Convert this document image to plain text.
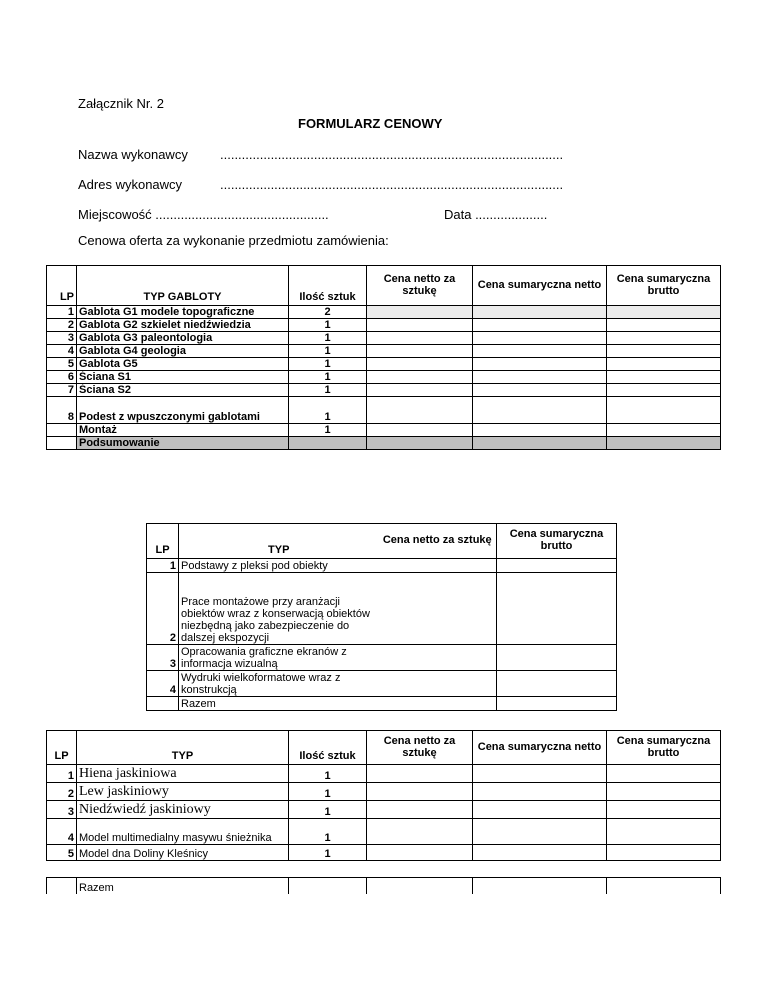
Załącznik Nr. 2
FORMULARZ CENOWY
Nazwa wykonawcy ...............................................................................................
Adres wykonawcy	...............................................................................................
Miejscowość ................................................	Data ....................
Cenowa oferta za wykonanie przedmiotu zamówienia:
LP	TYP GABLOTY	Ilość sztuk	Cena netto za sztukę	Cena sumaryczna netto	Cena sumaryczna brutto
1	Gablota G1 modele topograficzne	2			
2	Gablota G2 szkielet niedźwiedzia	1			
3	Gablota G3 paleontologia	1			
4	Gablota G4 geologia	1			
5	Gablota G5	1			
6	Ściana S1	1			
7	Ściana S2	1			
8	Podest z wpuszczonymi gablotami	1			
	Montaż	1			
	Podsumowanie				
LP	TYP	Cena netto za sztukę	Cena sumaryczna brutto
1	Podstawy z pleksi pod obiekty		
2	Prace montażowe przy aranżacji obiektów wraz z konserwacją obiektów niezbędną jako zabezpieczenie do dalszej ekspozycji		
3	Opracowania graficzne ekranów z informacja wizualną		
4	Wydruki wielkoformatowe wraz z konstrukcją		
	Razem		
LP	TYP	Ilość sztuk	Cena netto za sztukę	Cena sumaryczna netto	Cena sumaryczna brutto
1	Hiena jaskiniowa	1			
2	Lew jaskiniowy	1			
3	Niedźwiedź jaskiniowy	1			
4	Model multimedialny masywu śnieżnika	1			
5	Model dna Doliny Kleśnicy	1			
	Razem				
